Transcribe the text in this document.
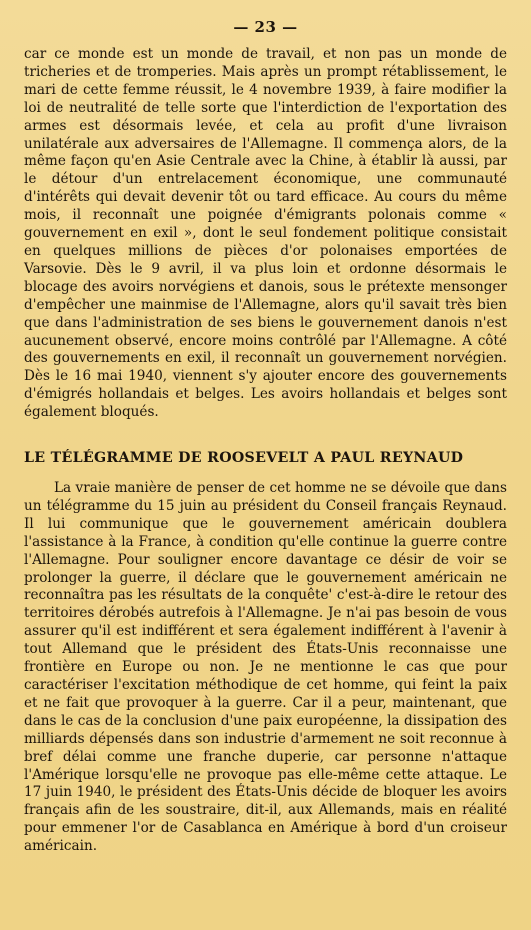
— 23 —

car ce monde est un monde de travail, et non pas un monde de tricheries et de tromperies. Mais après un prompt rétablissement, le mari de cette femme réussit, le 4 novembre 1939, à faire modifier la loi de neutralité de telle sorte que l'interdiction de l'exportation des armes est désormais levée, et cela au profit d'une livraison unilatérale aux adversaires de l'Allemagne. Il commença alors, de la même façon qu'en Asie Centrale avec la Chine, à établir là aussi, par le détour d'un entrelacement économique, une communauté d'intérêts qui devait devenir tôt ou tard efficace. Au cours du même mois, il reconnaît une poignée d'émigrants polonais comme « gouvernement en exil », dont le seul fondement politique consistait en quelques millions de pièces d'or polonaises emportées de Varsovie. Dès le 9 avril, il va plus loin et ordonne désormais le blocage des avoirs norvégiens et danois, sous le prétexte mensonger d'empêcher une mainmise de l'Allemagne, alors qu'il savait très bien que dans l'administration de ses biens le gouvernement danois n'est aucunement observé, encore moins contrôlé par l'Allemagne. A côté des gouvernements en exil, il reconnaît un gouvernement norvégien. Dès le 16 mai 1940, viennent s'y ajouter encore des gouvernements d'émigrés hollandais et belges. Les avoirs hollandais et belges sont également bloqués.

LE TÉLÉGRAMME DE ROOSEVELT A PAUL REYNAUD

La vraie manière de penser de cet homme ne se dévoile que dans un télégramme du 15 juin au président du Conseil français Reynaud. Il lui communique que le gouvernement américain doublera l'assistance à la France, à condition qu'elle continue la guerre contre l'Allemagne. Pour souligner encore davantage ce désir de voir se prolonger la guerre, il déclare que le gouvernement américain ne reconnaîtra pas les résultats de la conquête' c'est-à-dire le retour des territoires dérobés autrefois à l'Allemagne. Je n'ai pas besoin de vous assurer qu'il est indifférent et sera également indifférent à l'avenir à tout Allemand que le président des États-Unis reconnaisse une frontière en Europe ou non. Je ne mentionne le cas que pour caractériser l'excitation méthodique de cet homme, qui feint la paix et ne fait que provoquer à la guerre. Car il a peur, maintenant, que dans le cas de la conclusion d'une paix européenne, la dissipation des milliards dépensés dans son industrie d'armement ne soit reconnue à bref délai comme une franche duperie, car personne n'attaque l'Amérique lorsqu'elle ne provoque pas elle-même cette attaque. Le 17 juin 1940, le président des États-Unis décide de bloquer les avoirs français afin de les soustraire, dit-il, aux Allemands, mais en réalité pour emmener l'or de Casablanca en Amérique à bord d'un croiseur américain.
